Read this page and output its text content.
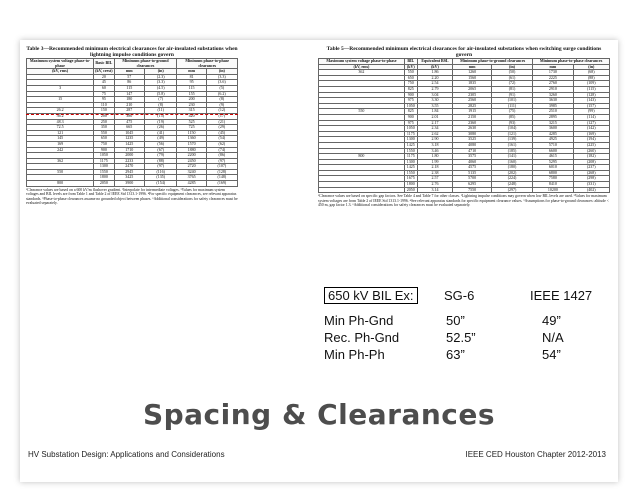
Table 3—Recommended minimum electrical clearances for air-insulated substations when lightning impulse conditions govern
Maximum system voltage phase-to-phase	Basic BIL	Minimum phase-to-ground clearances		Minimum phase-to-phase clearances	
(kV, rms)	(kV, crest)	mm	(in)	mm	(in)
	20	57	(2.3)	81	(3.3)
	45	86	(3.3)	95	(3.6)
3	60	115	(4.5)	115	(5)
	75	147	(5.8)	155	(6.2)
15	95	180	(7)	200	(8)
	110	210	(8)	230	(9)
26.2	150	287	(11)	315	(12)
36.2	200	380	(15)	420	(17)
48.3	250	475	(19)	525	(21)
72.5	350	665	(26)	725	(29)
121	550	1045	(41)	1150	(45)
145	650	1235	(49)	1360	(54)
169	750	1425	(56)	1570	(62)
242	900	1710	(67)	1880	(74)
	1050	2000	(79)	2200	(86)
362	1175	2233	(88)	2450	(97)
	1300	2470	(97)	2720	(107)
550	1550	2945	(116)	3240	(128)
	1800	3425	(135)	3765	(148)
800	2050	3900	(154)	4285	(169)
¹Clearance values are based on a 600 kV/m flashover gradient. ²Interpolate for intermediate voltages. ³Values for maximum system voltages and BIL levels are from Table 1 and Table 2 of IEEE Std 1313.1-1996. ⁴For specific equipment clearances, see relevant apparatus standards. ⁵Phase-to-phase clearances assume no grounded object between phases. ⁶Additional considerations for safety clearances must be evaluated separately.
Table 5—Recommended minimum electrical clearances for air-insulated substations when switching surge conditions govern
Maximum system voltage phase-to-phase	BIL	Equivalent BSL	Minimum phase-to-ground clearances		Minimum phase-to-phase clearances	
(kV, rms)	(kV)	(kV)	mm	(in)	mm	(in)
362	550	1.86	1260	(50)	1730	(68)
	650	2.20	1560	(61)	2225	(88)
	750	2.54	1835	(72)	2760	(109)
	825	2.79	2065	(81)	2910	(115)
	900	3.04	2305	(91)	3260	(128)
	975	3.30	2560	(101)	3630	(143)
	1050	3.55	2825	(111)	3985	(157)
550	825	1.84	1915	(75)	2510	(99)
	900	2.01	2150	(85)	2895	(114)
	975	2.17	2360	(93)	3215	(127)
	1050	2.34	2630	(104)	3600	(142)
	1175	2.62	3080	(121)	4285	(169)
	1300	2.90	3525	(139)	4925	(194)
	1425	3.18	4080	(161)	5710	(225)
	1550	3.46	4710	(185)	6600	(260)
800	1175	1.80	3575	(141)	4615	(182)
	1300	1.99	4060	(160)	5295	(208)
	1425	2.18	4575	(180)	6010	(237)
	1550	2.38	5135	(202)	6800	(268)
	1675	2.57	5700	(224)	7580	(298)
	1800	2.76	6295	(248)	8410	(331)
	2050	3.14	7550	(297)	10200	(402)
¹Clearance values are based on specific gap factors. See Table 4 and Table 7 for other classes. ²Lightning impulse conditions may govern when low BIL levels are used. ³Values for maximum system voltages are from Table 2 of IEEE Std 1313.1-1996. ⁴See relevant apparatus standards for specific equipment clearance values. ⁵Assumptions for phase-to-ground clearances: altitude < 450 m, gap factor 1.3. ⁶Additional considerations for safety clearances must be evaluated separately.
650 kV BIL Ex:	SG-6	IEEE 1427
Min Ph-Gnd	50”	49”
Rec. Ph-Gnd	52.5”	N/A
Min Ph-Ph	63”	54”
Spacing & Clearances
HV Substation Design: Applications and Considerations	IEEE CED Houston Chapter 2012-2013
